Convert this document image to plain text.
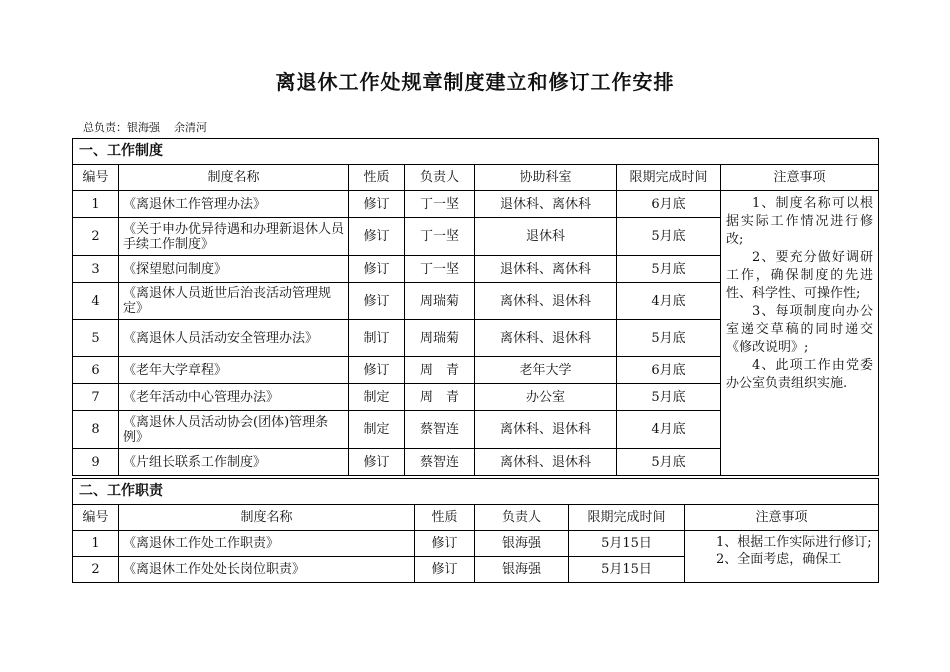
离退休工作处规章制度建立和修订工作安排
总负责：银海强 余清河
一、工作制度						
编号	制度名称	性质	负责人	协助科室	限期完成时间	注意事项
1	《离退休工作管理办法》	修订	丁一坚	退休科、离休科	6月底	1、制度名称可以根据实际工作情况进行修改;
2、要充分做好调研工作，确保制度的先进性、科学性、可操作性;
3、每项制度向办公室递交草稿的同时递交《修改说明》;
4、此项工作由党委办公室负责组织实施.

2	《关于申办优异待遇和办理新退休人员手续工作制度》	修订	丁一坚	退休科	5月底	
3	《探望慰问制度》	修订	丁一坚	退休科、离休科	5月底	
4	《离退休人员逝世后治丧活动管理规定》	修订	周瑞菊	离休科、退休科	4月底	
5	《离退休人员活动安全管理办法》	制订	周瑞菊	离休科、退休科	5月底	
6	《老年大学章程》	修订	周　青	老年大学	6月底	
7	《老年活动中心管理办法》	制定	周　青	办公室	5月底	
8	《离退休人员活动协会(团体)管理条例》	制定	蔡智连	离休科、退休科	4月底	
9	《片组长联系工作制度》	修订	蔡智连	离休科、退休科	5月底	
二、工作职责					
编号	制度名称	性质	负责人	限期完成时间	注意事项
1	《离退休工作处工作职责》	修订	银海强	5月15日	1、根据工作实际进行修订;
2、全面考虑，确保工

2	《离退休工作处处长岗位职责》	修订	银海强	5月15日	
